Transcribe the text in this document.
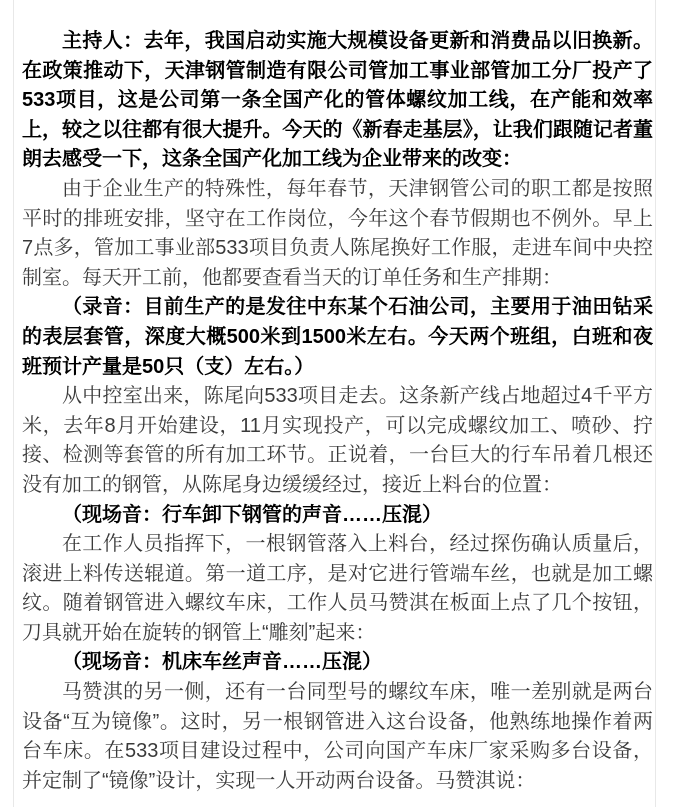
主持人：去年，我国启动实施大规模设备更新和消费品以旧换新。在政策推动下，天津钢管制造有限公司管加工事业部管加工分厂投产了533项目，这是公司第一条全国产化的管体螺纹加工线，在产能和效率上，较之以往都有很大提升。今天的《新春走基层》，让我们跟随记者董朗去感受一下，这条全国产化加工线为企业带来的改变：

由于企业生产的特殊性，每年春节，天津钢管公司的职工都是按照平时的排班安排，坚守在工作岗位，今年这个春节假期也不例外。早上7点多，管加工事业部533项目负责人陈尾换好工作服，走进车间中央控制室。每天开工前，他都要查看当天的订单任务和生产排期：

（录音：目前生产的是发往中东某个石油公司，主要用于油田钻采的表层套管，深度大概500米到1500米左右。今天两个班组，白班和夜班预计产量是50只（支）左右。）

从中控室出来，陈尾向533项目走去。这条新产线占地超过4千平方米，去年8月开始建设，11月实现投产，可以完成螺纹加工、喷砂、拧接、检测等套管的所有加工环节。正说着，一台巨大的行车吊着几根还没有加工的钢管，从陈尾身边缓缓经过，接近上料台的位置：

（现场音：行车卸下钢管的声音……压混）

在工作人员指挥下，一根钢管落入上料台，经过探伤确认质量后，滚进上料传送辊道。第一道工序，是对它进行管端车丝，也就是加工螺纹。随着钢管进入螺纹车床，工作人员马赞淇在板面上点了几个按钮，刀具就开始在旋转的钢管上“雕刻”起来：

（现场音：机床车丝声音……压混）

马赞淇的另一侧，还有一台同型号的螺纹车床，唯一差别就是两台设备“互为镜像”。这时，另一根钢管进入这台设备，他熟练地操作着两台车床。在533项目建设过程中，公司向国产车床厂家采购多台设备，并定制了“镜像”设计，实现一人开动两台设备。马赞淇说：
